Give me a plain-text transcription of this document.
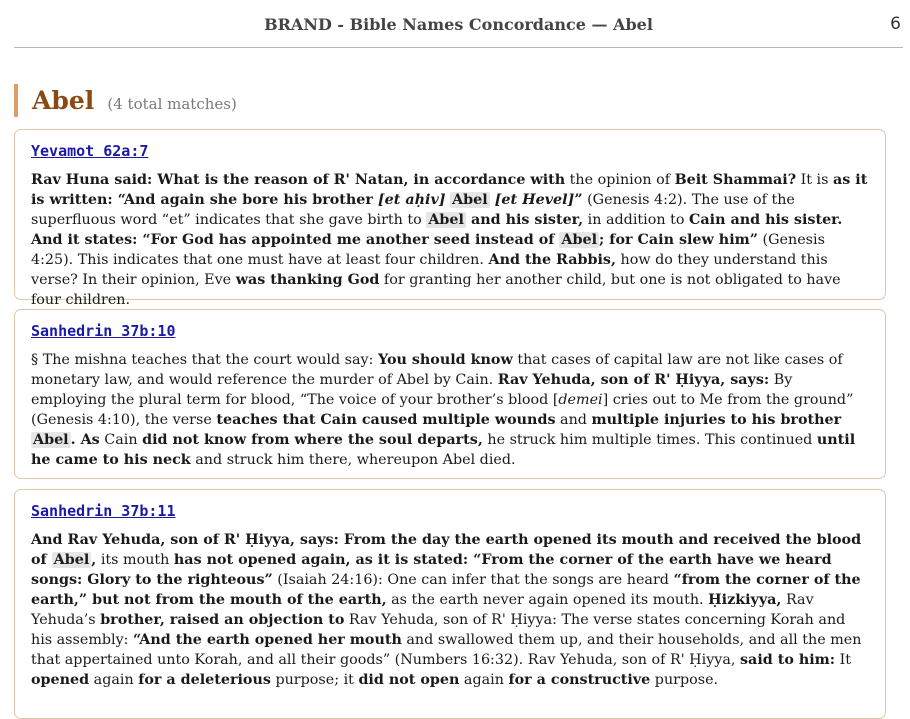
BRAND - Bible Names Concordance — Abel	6
Abel (4 total matches)
Yevamot 62a:7

Rav Huna said: What is the reason of R' Natan, in accordance with the opinion of Beit Shammai? It is as it is written: “And again she bore his brother [et aḥiv] Abel [et Hevel]” (Genesis 4:2). The use of the superfluous word “et” indicates that she gave birth to Abel and his sister, in addition to Cain and his sister. And it states: “For God has appointed me another seed instead of Abel ; for Cain slew him” (Genesis 4:25). This indicates that one must have at least four children. And the Rabbis, how do they understand this verse? In their opinion, Eve was thanking God for granting her another child, but one is not obligated to have four children.

Sanhedrin 37b:10

§ The mishna teaches that the court would say: You should know that cases of capital law are not like cases of monetary law, and would reference the murder of Abel by Cain. Rav Yehuda, son of R' Ḥiyya, says: By employing the plural term for blood, “The voice of your brother’s blood [demei] cries out to Me from the ground” (Genesis 4:10), the verse teaches that Cain caused multiple wounds and multiple injuries to his brother Abel . As Cain did not know from where the soul departs, he struck him multiple times. This continued until he came to his neck and struck him there, whereupon Abel died.

Sanhedrin 37b:11

And Rav Yehuda, son of R' Ḥiyya, says: From the day the earth opened its mouth and received the blood of Abel , its mouth has not opened again, as it is stated: “From the corner of the earth have we heard songs: Glory to the righteous” (Isaiah 24:16): One can infer that the songs are heard “from the corner of the earth,” but not from the mouth of the earth, as the earth never again opened its mouth. Ḥizkiyya, Rav Yehuda’s brother, raised an objection to Rav Yehuda, son of R' Ḥiyya: The verse states concerning Korah and his assembly: “And the earth opened her mouth and swallowed them up, and their households, and all the men that appertained unto Korah, and all their goods” (Numbers 16:32). Rav Yehuda, son of R' Ḥiyya, said to him: It opened again for a deleterious purpose; it did not open again for a constructive purpose.
